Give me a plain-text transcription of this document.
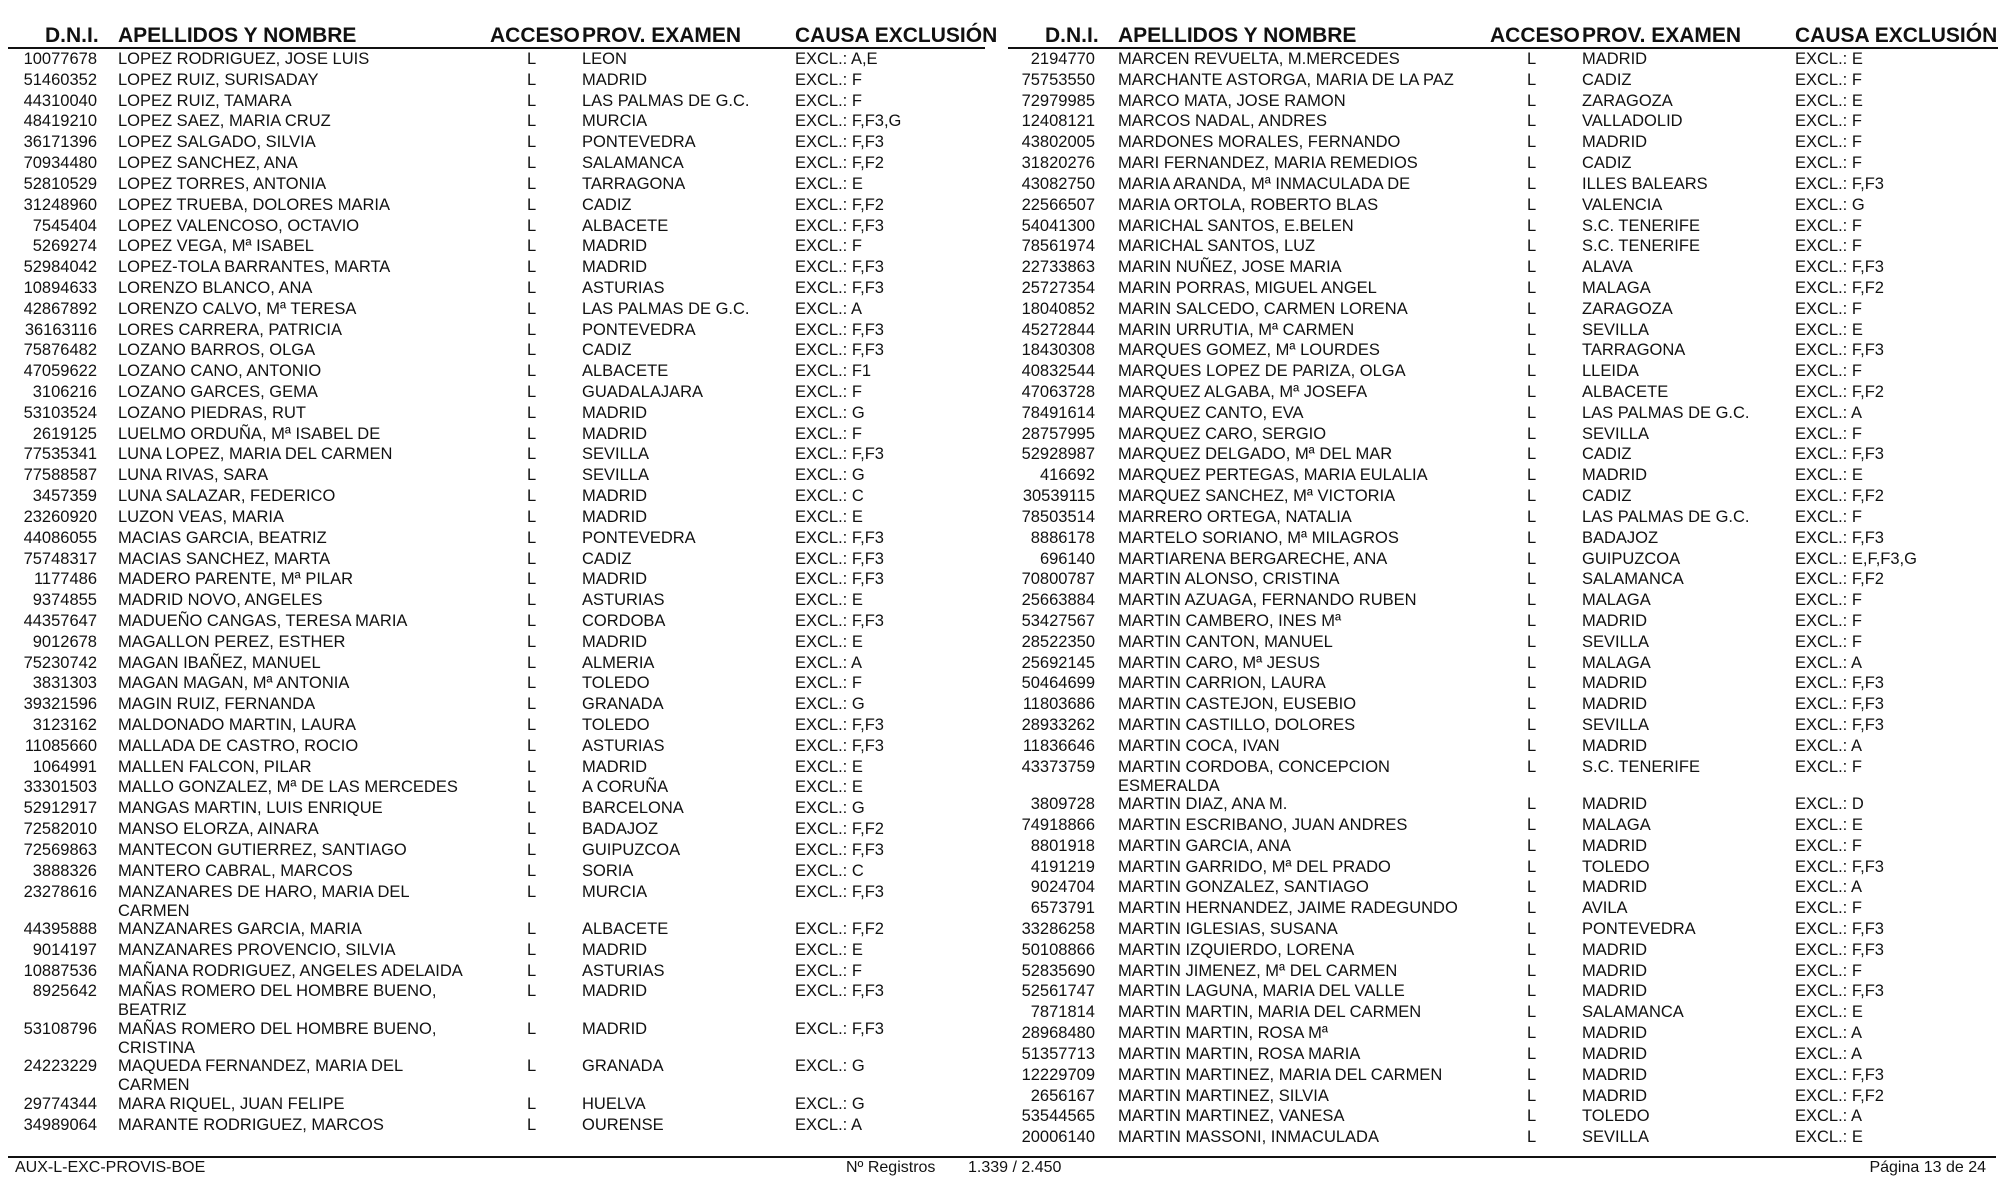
D.N.I. APELLIDOS Y NOMBRE	ACCESO PROV. EXAMEN	CAUSA EXCLUSIÓN
10077678 LOPEZ RODRIGUEZ, JOSE LUIS	L	LEON	EXCL.: A,E
51460352 LOPEZ RUIZ, SURISADAY	L	MADRID	EXCL.: F
44310040 LOPEZ RUIZ, TAMARA	L	LAS PALMAS DE G.C.	EXCL.: F
48419210 LOPEZ SAEZ, MARIA CRUZ	L	MURCIA	EXCL.: F,F3,G
36171396 LOPEZ SALGADO, SILVIA	L	PONTEVEDRA	EXCL.: F,F3
70934480 LOPEZ SANCHEZ, ANA	L	SALAMANCA	EXCL.: F,F2
52810529 LOPEZ TORRES, ANTONIA	L	TARRAGONA	EXCL.: E
31248960 LOPEZ TRUEBA, DOLORES MARIA	L	CADIZ	EXCL.: F,F2
7545404 LOPEZ VALENCOSO, OCTAVIO	L	ALBACETE	EXCL.: F,F3
5269274 LOPEZ VEGA, Mª ISABEL	L	MADRID	EXCL.: F
52984042 LOPEZ-TOLA BARRANTES, MARTA	L	MADRID	EXCL.: F,F3
10894633 LORENZO BLANCO, ANA	L	ASTURIAS	EXCL.: F,F3
42867892 LORENZO CALVO, Mª TERESA	L	LAS PALMAS DE G.C.	EXCL.: A
36163116 LORES CARRERA, PATRICIA	L	PONTEVEDRA	EXCL.: F,F3
75876482 LOZANO BARROS, OLGA	L	CADIZ	EXCL.: F,F3
47059622 LOZANO CANO, ANTONIO	L	ALBACETE	EXCL.: F1
3106216 LOZANO GARCES, GEMA	L	GUADALAJARA	EXCL.: F
53103524 LOZANO PIEDRAS, RUT	L	MADRID	EXCL.: G
2619125 LUELMO ORDUÑA, Mª ISABEL DE	L	MADRID	EXCL.: F
77535341 LUNA LOPEZ, MARIA DEL CARMEN	L	SEVILLA	EXCL.: F,F3
77588587 LUNA RIVAS, SARA	L	SEVILLA	EXCL.: G
3457359 LUNA SALAZAR, FEDERICO	L	MADRID	EXCL.: C
23260920 LUZON VEAS, MARIA	L	MADRID	EXCL.: E
44086055 MACIAS GARCIA, BEATRIZ	L	PONTEVEDRA	EXCL.: F,F3
75748317 MACIAS SANCHEZ, MARTA	L	CADIZ	EXCL.: F,F3
1177486 MADERO PARENTE, Mª PILAR	L	MADRID	EXCL.: F,F3
9374855 MADRID NOVO, ANGELES	L	ASTURIAS	EXCL.: E
44357647 MADUEÑO CANGAS, TERESA MARIA	L	CORDOBA	EXCL.: F,F3
9012678 MAGALLON PEREZ, ESTHER	L	MADRID	EXCL.: E
75230742 MAGAN IBAÑEZ, MANUEL	L	ALMERIA	EXCL.: A
3831303 MAGAN MAGAN, Mª ANTONIA	L	TOLEDO	EXCL.: F
39321596 MAGIN RUIZ, FERNANDA	L	GRANADA	EXCL.: G
3123162 MALDONADO MARTIN, LAURA	L	TOLEDO	EXCL.: F,F3
11085660 MALLADA DE CASTRO, ROCIO	L	ASTURIAS	EXCL.: F,F3
1064991 MALLEN FALCON, PILAR	L	MADRID	EXCL.: E
33301503 MALLO GONZALEZ, Mª DE LAS MERCEDES	L	A CORUÑA	EXCL.: E
52912917 MANGAS MARTIN, LUIS ENRIQUE	L	BARCELONA	EXCL.: G
72582010 MANSO ELORZA, AINARA	L	BADAJOZ	EXCL.: F,F2
72569863 MANTECON GUTIERREZ, SANTIAGO	L	GUIPUZCOA	EXCL.: F,F3
3888326 MANTERO CABRAL, MARCOS	L	SORIA	EXCL.: C
23278616 MANZANARES DE HARO, MARIA DEL CARMEN
L	MURCIA	EXCL.: F,F3
44395888 MANZANARES GARCIA, MARIA	L	ALBACETE	EXCL.: F,F2
9014197 MANZANARES PROVENCIO, SILVIA	L	MADRID	EXCL.: E
10887536 MAÑANA RODRIGUEZ, ANGELES ADELAIDA	L	ASTURIAS	EXCL.: F
8925642 MAÑAS ROMERO DEL HOMBRE BUENO, BEATRIZ
L	MADRID	EXCL.: F,F3
53108796 MAÑAS ROMERO DEL HOMBRE BUENO, CRISTINA
L	MADRID	EXCL.: F,F3
24223229 MAQUEDA FERNANDEZ, MARIA DEL CARMEN
L	GRANADA	EXCL.: G
29774344 MARA RIQUEL, JUAN FELIPE	L	HUELVA	EXCL.: G
34989064 MARANTE RODRIGUEZ, MARCOS	L	OURENSE	EXCL.: A
D.N.I. APELLIDOS Y NOMBRE	ACCESO PROV. EXAMEN	CAUSA EXCLUSIÓN
2194770 MARCEN REVUELTA, M.MERCEDES	L	MADRID	EXCL.: E
75753550 MARCHANTE ASTORGA, MARIA DE LA PAZ	L	CADIZ	EXCL.: F
72979985 MARCO MATA, JOSE RAMON	L	ZARAGOZA	EXCL.: E
12408121 MARCOS NADAL, ANDRES	L	VALLADOLID	EXCL.: F
43802005 MARDONES MORALES, FERNANDO	L	MADRID	EXCL.: F
31820276 MARI FERNANDEZ, MARIA REMEDIOS	L	CADIZ	EXCL.: F
43082750 MARIA ARANDA, Mª INMACULADA DE	L	ILLES BALEARS	EXCL.: F,F3
22566507 MARIA ORTOLA, ROBERTO BLAS	L	VALENCIA	EXCL.: G
54041300 MARICHAL SANTOS, E.BELEN	L	S.C. TENERIFE	EXCL.: F
78561974 MARICHAL SANTOS, LUZ	L	S.C. TENERIFE	EXCL.: F
22733863 MARIN NUÑEZ, JOSE MARIA	L	ALAVA	EXCL.: F,F3
25727354 MARIN PORRAS, MIGUEL ANGEL	L	MALAGA	EXCL.: F,F2
18040852 MARIN SALCEDO, CARMEN LORENA	L	ZARAGOZA	EXCL.: F
45272844 MARIN URRUTIA, Mª CARMEN	L	SEVILLA	EXCL.: E
18430308 MARQUES GOMEZ, Mª LOURDES	L	TARRAGONA	EXCL.: F,F3
40832544 MARQUES LOPEZ DE PARIZA, OLGA	L	LLEIDA	EXCL.: F
47063728 MARQUEZ ALGABA, Mª JOSEFA	L	ALBACETE	EXCL.: F,F2
78491614 MARQUEZ CANTO, EVA	L	LAS PALMAS DE G.C.	EXCL.: A
28757995 MARQUEZ CARO, SERGIO	L	SEVILLA	EXCL.: F
52928987 MARQUEZ DELGADO, Mª DEL MAR	L	CADIZ	EXCL.: F,F3
416692 MARQUEZ PERTEGAS, MARIA EULALIA	L	MADRID	EXCL.: E
30539115 MARQUEZ SANCHEZ, Mª VICTORIA	L	CADIZ	EXCL.: F,F2
78503514 MARRERO ORTEGA, NATALIA	L	LAS PALMAS DE G.C.	EXCL.: F
8886178 MARTELO SORIANO, Mª MILAGROS	L	BADAJOZ	EXCL.: F,F3
696140 MARTIARENA BERGARECHE, ANA	L	GUIPUZCOA	EXCL.: E,F,F3,G
70800787 MARTIN ALONSO, CRISTINA	L	SALAMANCA	EXCL.: F,F2
25663884 MARTIN AZUAGA, FERNANDO RUBEN	L	MALAGA	EXCL.: F
53427567 MARTIN CAMBERO, INES Mª	L	MADRID	EXCL.: F
28522350 MARTIN CANTON, MANUEL	L	SEVILLA	EXCL.: F
25692145 MARTIN CARO, Mª JESUS	L	MALAGA	EXCL.: A
50464699 MARTIN CARRION, LAURA	L	MADRID	EXCL.: F,F3
11803686 MARTIN CASTEJON, EUSEBIO	L	MADRID	EXCL.: F,F3
28933262 MARTIN CASTILLO, DOLORES	L	SEVILLA	EXCL.: F,F3
11836646 MARTIN COCA, IVAN	L	MADRID	EXCL.: A
43373759 MARTIN CORDOBA, CONCEPCION ESMERALDA
L	S.C. TENERIFE	EXCL.: F
3809728 MARTIN DIAZ, ANA M.	L	MADRID	EXCL.: D
74918866 MARTIN ESCRIBANO, JUAN ANDRES	L	MALAGA	EXCL.: E
8801918 MARTIN GARCIA, ANA	L	MADRID	EXCL.: F
4191219 MARTIN GARRIDO, Mª DEL PRADO	L	TOLEDO	EXCL.: F,F3
9024704 MARTIN GONZALEZ, SANTIAGO	L	MADRID	EXCL.: A
6573791 MARTIN HERNANDEZ, JAIME RADEGUNDO	L	AVILA	EXCL.: F
33286258 MARTIN IGLESIAS, SUSANA	L	PONTEVEDRA	EXCL.: F,F3
50108866 MARTIN IZQUIERDO, LORENA	L	MADRID	EXCL.: F,F3
52835690 MARTIN JIMENEZ, Mª DEL CARMEN	L	MADRID	EXCL.: F
52561747 MARTIN LAGUNA, MARIA DEL VALLE	L	MADRID	EXCL.: F,F3
7871814 MARTIN MARTIN, MARIA DEL CARMEN	L	SALAMANCA	EXCL.: E
28968480 MARTIN MARTIN, ROSA Mª	L	MADRID	EXCL.: A
51357713 MARTIN MARTIN, ROSA MARIA	L	MADRID	EXCL.: A
12229709 MARTIN MARTINEZ, MARIA DEL CARMEN	L	MADRID	EXCL.: F,F3
2656167 MARTIN MARTINEZ, SILVIA	L	MADRID	EXCL.: F,F2
53544565 MARTIN MARTINEZ, VANESA	L	TOLEDO	EXCL.: A
20006140 MARTIN MASSONI, INMACULADA	L	SEVILLA	EXCL.: E
AUX-L-EXC-PROVIS-BOE	Nº Registros 1.339 / 2.450	Página 13 de 24
